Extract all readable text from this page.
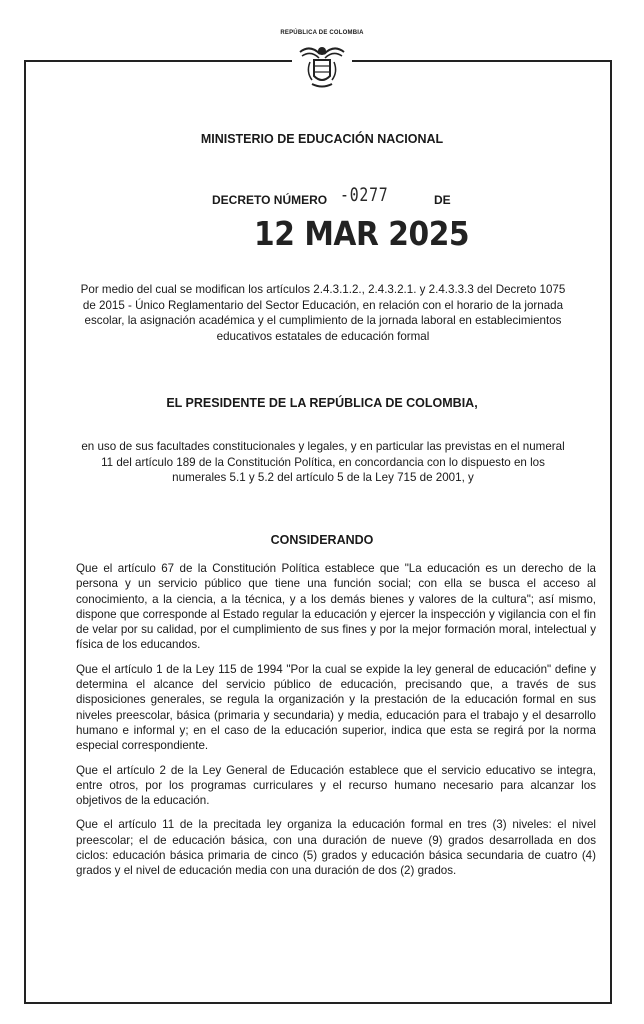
REPÚBLICA DE COLOMBIA
MINISTERIO DE EDUCACIÓN NACIONAL
DECRETO NÚMERO -0277	DE
12 MAR 2025
Por medio del cual se modifican los artículos 2.4.3.1.2., 2.4.3.2.1. y 2.4.3.3.3 del Decreto 1075 de 2015 - Único Reglamentario del Sector Educación, en relación con el horario de la jornada escolar, la asignación académica y el cumplimiento de la jornada laboral en establecimientos educativos estatales de educación formal
EL PRESIDENTE DE LA REPÚBLICA DE COLOMBIA,
en uso de sus facultades constitucionales y legales, y en particular las previstas en el numeral 11 del artículo 189 de la Constitución Política, en concordancia con lo dispuesto en los numerales 5.1 y 5.2 del artículo 5 de la Ley 715 de 2001, y
CONSIDERANDO

Que el artículo 67 de la Constitución Política establece que "La educación es un derecho de la persona y un servicio público que tiene una función social; con ella se busca el acceso al conocimiento, a la ciencia, a la técnica, y a los demás bienes y valores de la cultura"; así mismo, dispone que corresponde al Estado regular la educación y ejercer la inspección y vigilancia con el fin de velar por su calidad, por el cumplimiento de sus fines y por la mejor formación moral, intelectual y física de los educandos.

Que el artículo 1 de la Ley 115 de 1994 "Por la cual se expide la ley general de educación" define y determina el alcance del servicio público de educación, precisando que, a través de sus disposiciones generales, se regula la organización y la prestación de la educación formal en sus niveles preescolar, básica (primaria y secundaria) y media, educación para el trabajo y el desarrollo humano e informal y; en el caso de la educación superior, indica que esta se regirá por la norma especial correspondiente.

Que el artículo 2 de la Ley General de Educación establece que el servicio educativo se integra, entre otros, por los programas curriculares y el recurso humano necesario para alcanzar los objetivos de la educación.

Que el artículo 11 de la precitada ley organiza la educación formal en tres (3) niveles: el nivel preescolar; el de educación básica, con una duración de nueve (9) grados desarrollada en dos ciclos: educación básica primaria de cinco (5) grados y educación básica secundaria de cuatro (4) grados y el nivel de educación media con una duración de dos (2) grados.
